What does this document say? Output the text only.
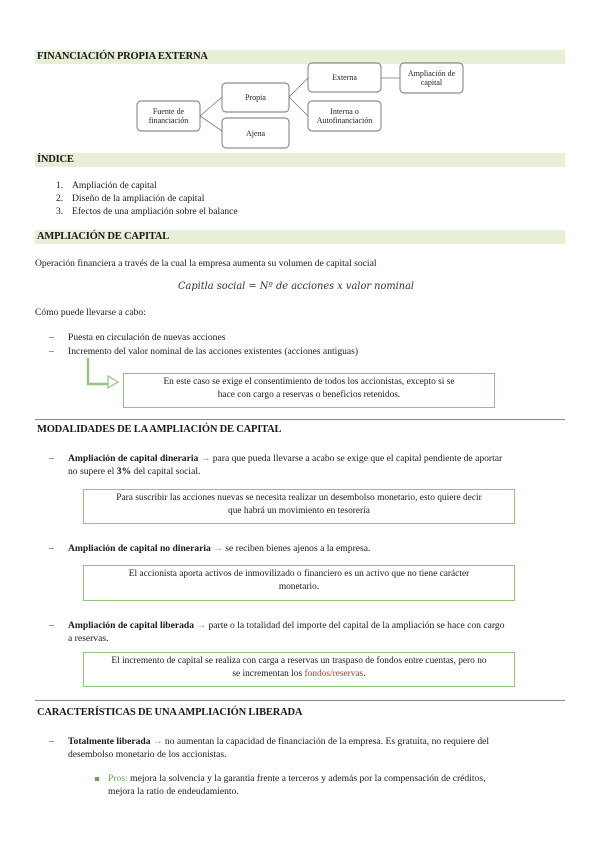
FINANCIACIÓN PROPIA EXTERNA
Fuente de
financiación
Propia
Ajena
Externa
Interna o
Autofinanciación
Ampliación de
capital
ÍNDICE
1. Ampliación de capital
2. Diseño de la ampliación de capital
3. Efectos de una ampliación sobre el balance
AMPLIACIÓN DE CAPITAL
Operación financiera a través de la cual la empresa aumenta su volumen de capital social
Capitla social = Nº de acciones x valor nominal
Cómo puede llevarse a cabo:
– Puesta en circulación de nuevas acciones
– Incremento del valor nominal de las acciones existentes (acciones antiguas)
En este caso se exige el consentimiento de todos los accionistas, excepto si se
hace con cargo a reservas o beneficios retenidos.
MODALIDADES DE LA AMPLIACIÓN DE CAPITAL
– Ampliación de capital dineraria → para que pueda llevarse a acabo se exige que el capital pendiente de aportar
no supere el 3% del capital social.
Para suscribir las acciones nuevas se necesita realizar un desembolso monetario, esto quiere decir
que habrá un movimiento en tesorería
– Ampliación de capital no dineraria → se reciben bienes ajenos a la empresa.
El accionista aporta activos de inmovilizado o financiero es un activo que no tiene carácter
monetario.
– Ampliación de capital liberada → parte o la totalidad del importe del capital de la ampliación se hace con cargo
a reservas.
El incremento de capital se realiza con carga a reservas un traspaso de fondos entre cuentas, pero no
se incrementan los fondos/reservas.
CARACTERÍSTICAS DE UNA AMPLIACIÓN LIBERADA
– Totalmente liberada → no aumentan la capacidad de financiación de la empresa. Es gratuita, no requiere del
desembolso monetario de los accionistas.
Pros: mejora la solvencia y la garantía frente a terceros y además por la compensación de créditos,
mejora la ratio de endeudamiento.
